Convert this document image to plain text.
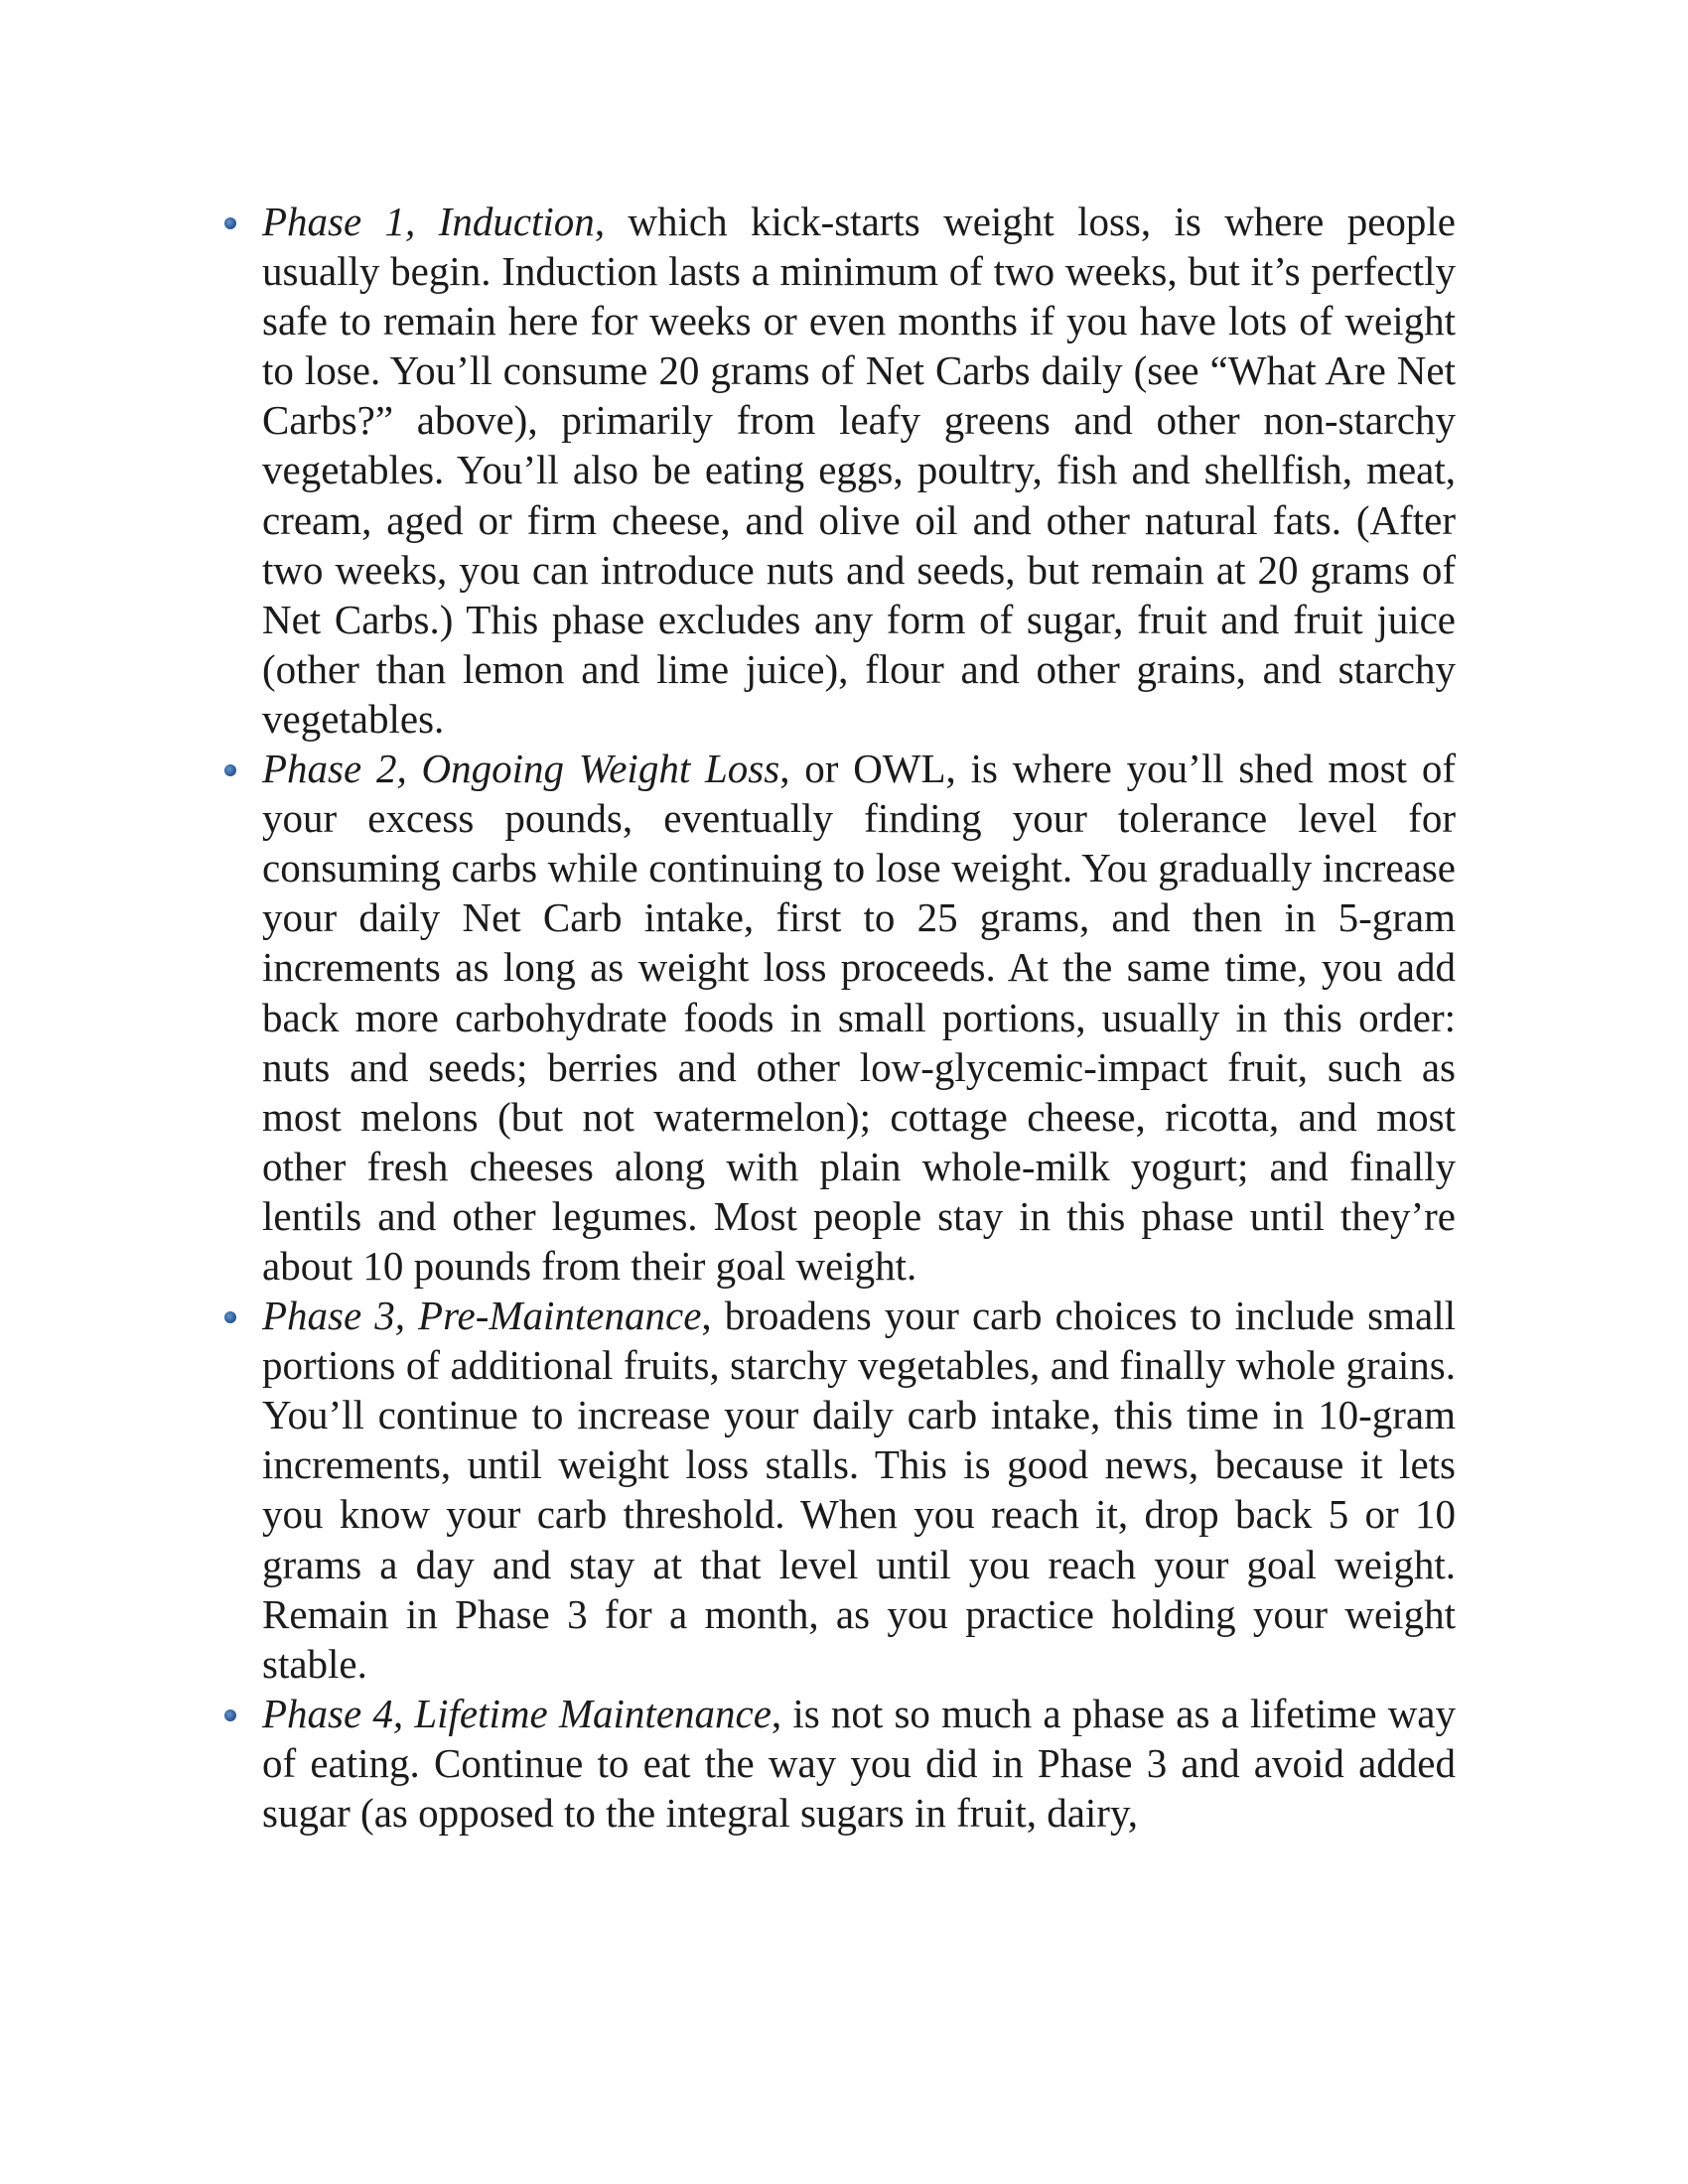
Phase 1, Induction, which kick-starts weight loss, is where people usually begin. Induction lasts a minimum of two weeks, but it’s perfectly safe to remain here for weeks or even months if you have lots of weight to lose. You’ll consume 20 grams of Net Carbs daily (see “What Are Net Carbs?” above), primarily from leafy greens and other non-starchy vegetables. You’ll also be eating eggs, poultry, fish and shellfish, meat, cream, aged or firm cheese, and olive oil and other natural fats. (After two weeks, you can introduce nuts and seeds, but remain at 20 grams of Net Carbs.) This phase excludes any form of sugar, fruit and fruit juice (other than lemon and lime juice), flour and other grains, and starchy vegetables.
Phase 2, Ongoing Weight Loss, or OWL, is where you’ll shed most of your excess pounds, eventually finding your tolerance level for consuming carbs while continuing to lose weight. You gradually increase your daily Net Carb intake, first to 25 grams, and then in 5-gram increments as long as weight loss proceeds. At the same time, you add back more carbohydrate foods in small portions, usually in this order: nuts and seeds; berries and other low-glycemic-impact fruit, such as most melons (but not watermelon); cottage cheese, ricotta, and most other fresh cheeses along with plain whole-milk yogurt; and finally lentils and other legumes. Most people stay in this phase until they’re about 10 pounds from their goal weight.
Phase 3, Pre-Maintenance, broadens your carb choices to include small portions of additional fruits, starchy vegetables, and finally whole grains. You’ll continue to increase your daily carb intake, this time in 10-gram increments, until weight loss stalls. This is good news, because it lets you know your carb threshold. When you reach it, drop back 5 or 10 grams a day and stay at that level until you reach your goal weight. Remain in Phase 3 for a month, as you practice holding your weight stable.
Phase 4, Lifetime Maintenance, is not so much a phase as a lifetime way of eating. Continue to eat the way you did in Phase 3 and avoid added sugar (as opposed to the integral sugars in fruit, dairy,
